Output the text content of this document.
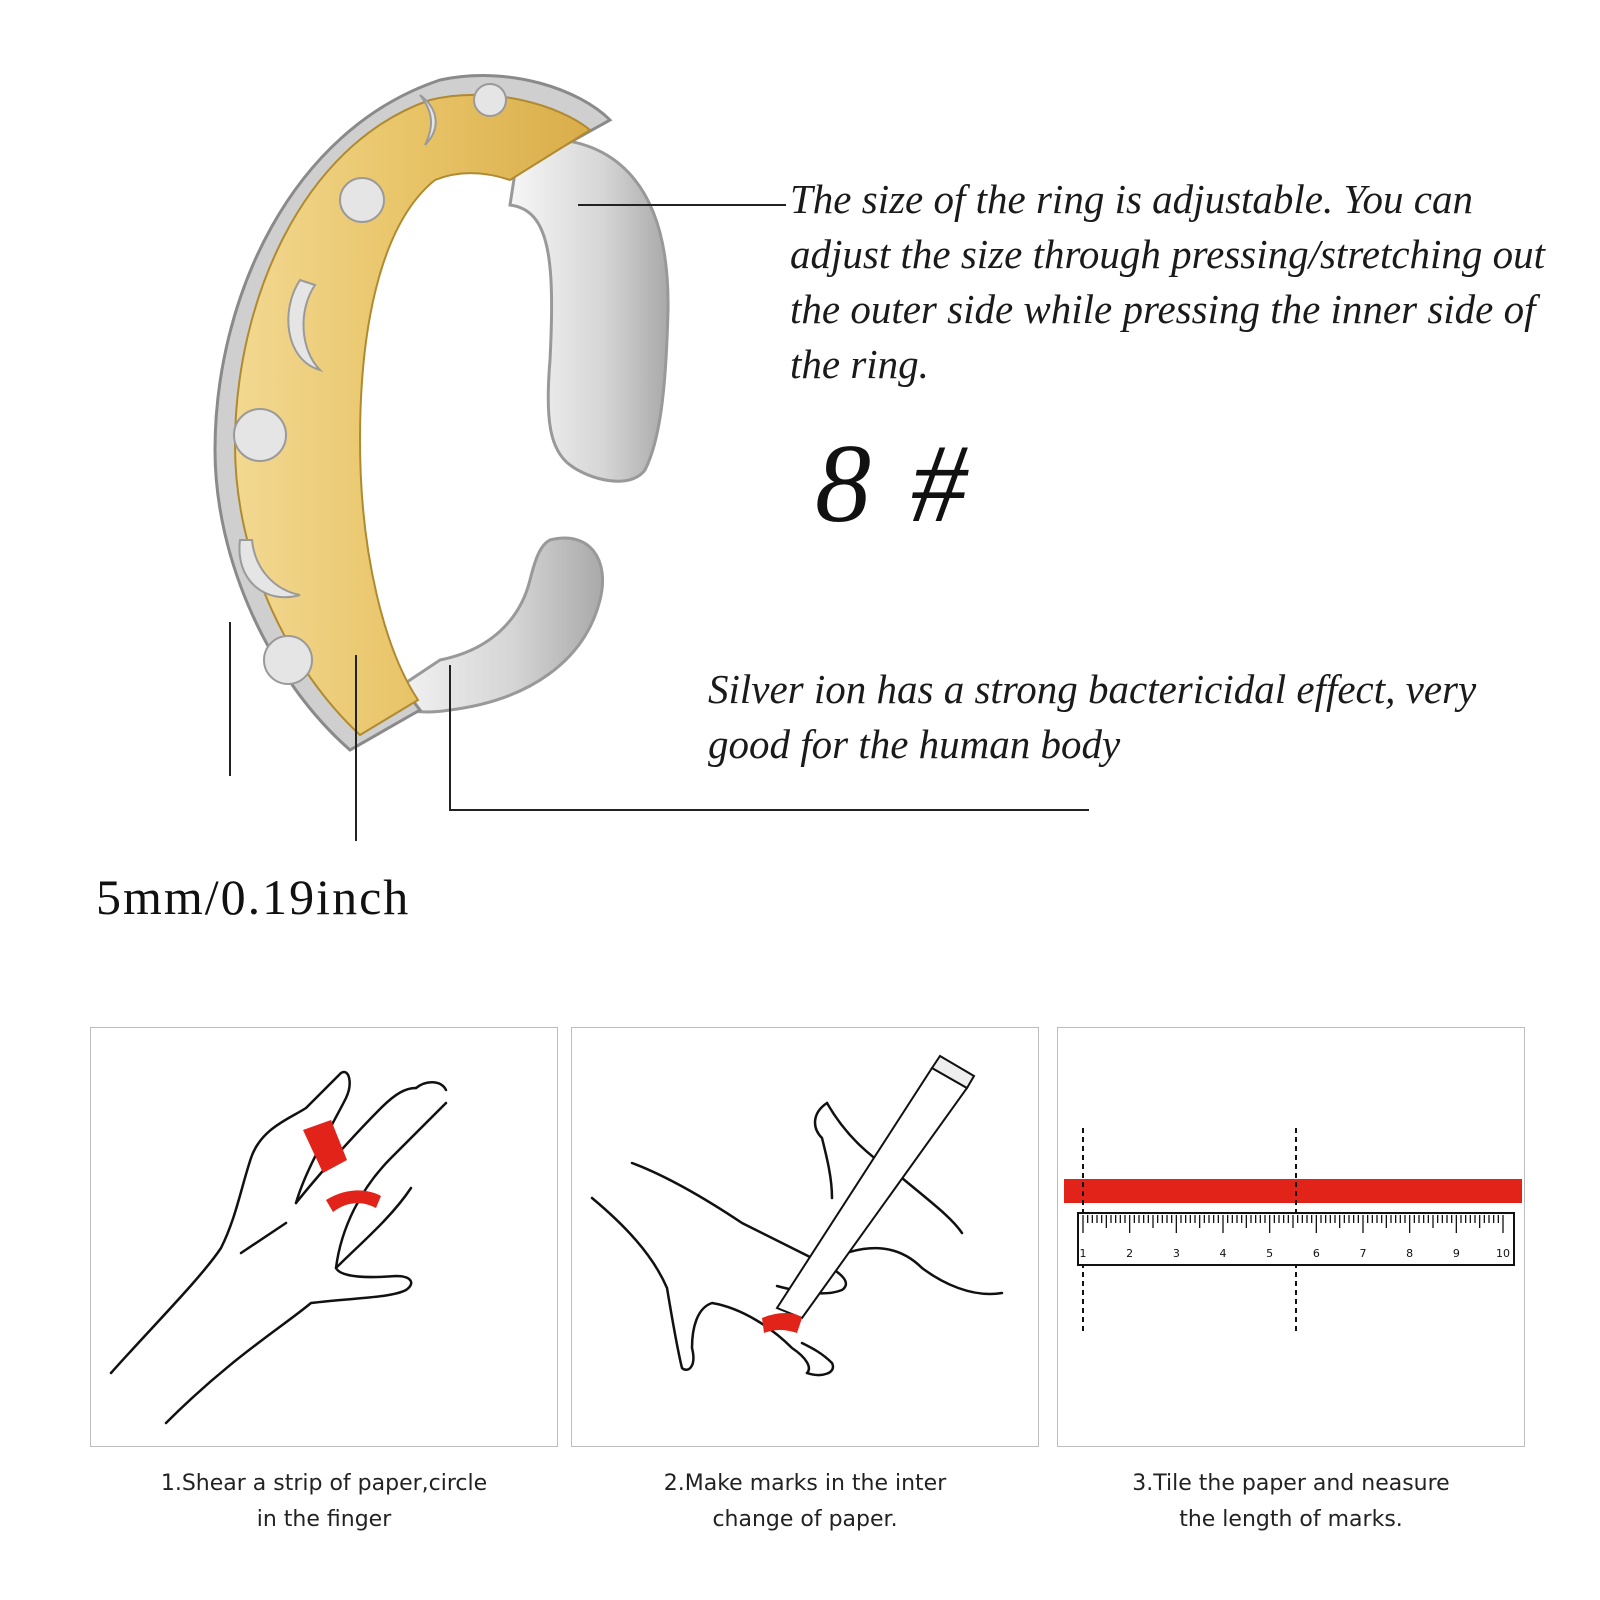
The size of the ring is adjustable. You can adjust the size through pressing/stretching out the outer side while pressing the inner side of the ring.

8 #

Silver ion has a strong bactericidal effect, very good for the human body

5mm/0.19inch
1.Shear a strip of paper,circle
in the finger
2.Make marks in the inter
change of paper.
1	2	3	4	5	6	7	8	9	10
3.Tile the paper and neasure
the length of marks.
